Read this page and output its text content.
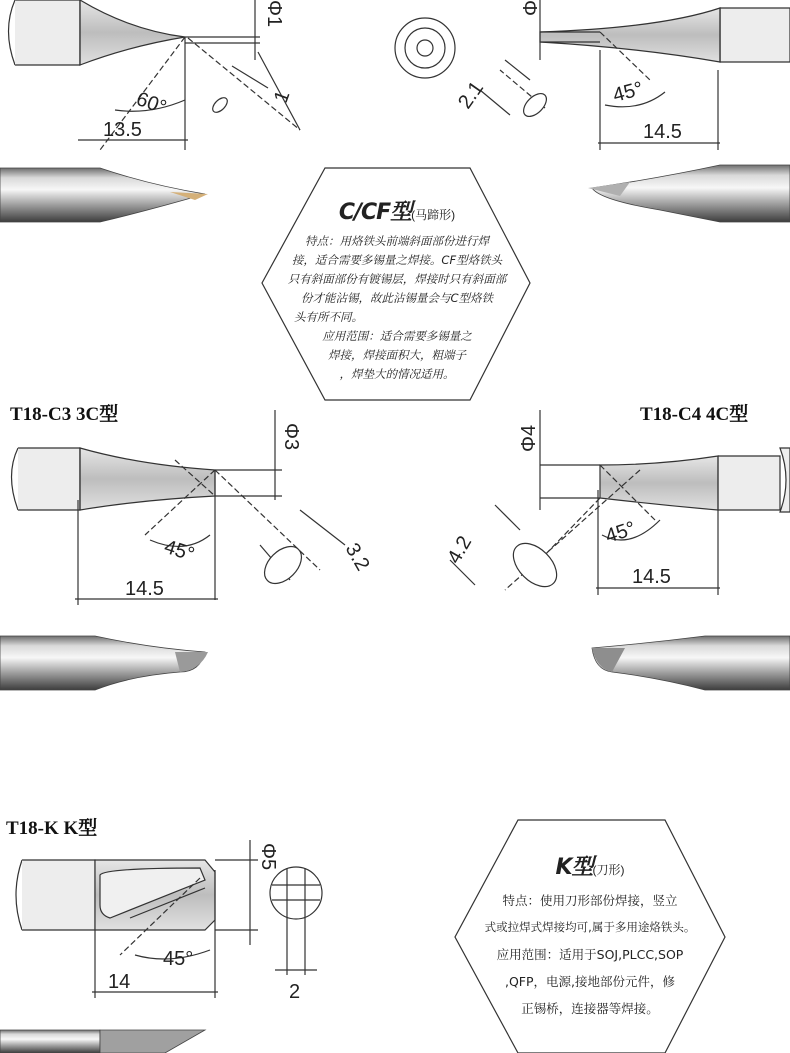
13.5
60°	1
Φ1
14.5
45°
2.1
Φ
T18-C3 3C型
Φ3
45°
14.5
3.2
T18-C4 4C型
Φ4
45°
14.5
4.2
T18-K K型
Φ5
45°
14	2
C/CF型(马蹄形)
特点：用烙铁头前端斜面部份进行焊
接，适合需要多锡量之焊接。CF型烙铁头
只有斜面部份有镀锡层，焊接时只有斜面部
份才能沾锡，故此沾锡量会与C型烙铁
头有所不同。
应用范围：适合需要多锡量之
焊接，焊接面积大，粗端子
，焊垫大的情况适用。
K型(刀形)
特点：使用刀形部份焊接，竖立
式或拉焊式焊接均可,属于多用途烙铁头。
应用范围：适用于SOJ,PLCC,SOP
,QFP，电源,接地部份元件，修
正锡桥，连接器等焊接。
